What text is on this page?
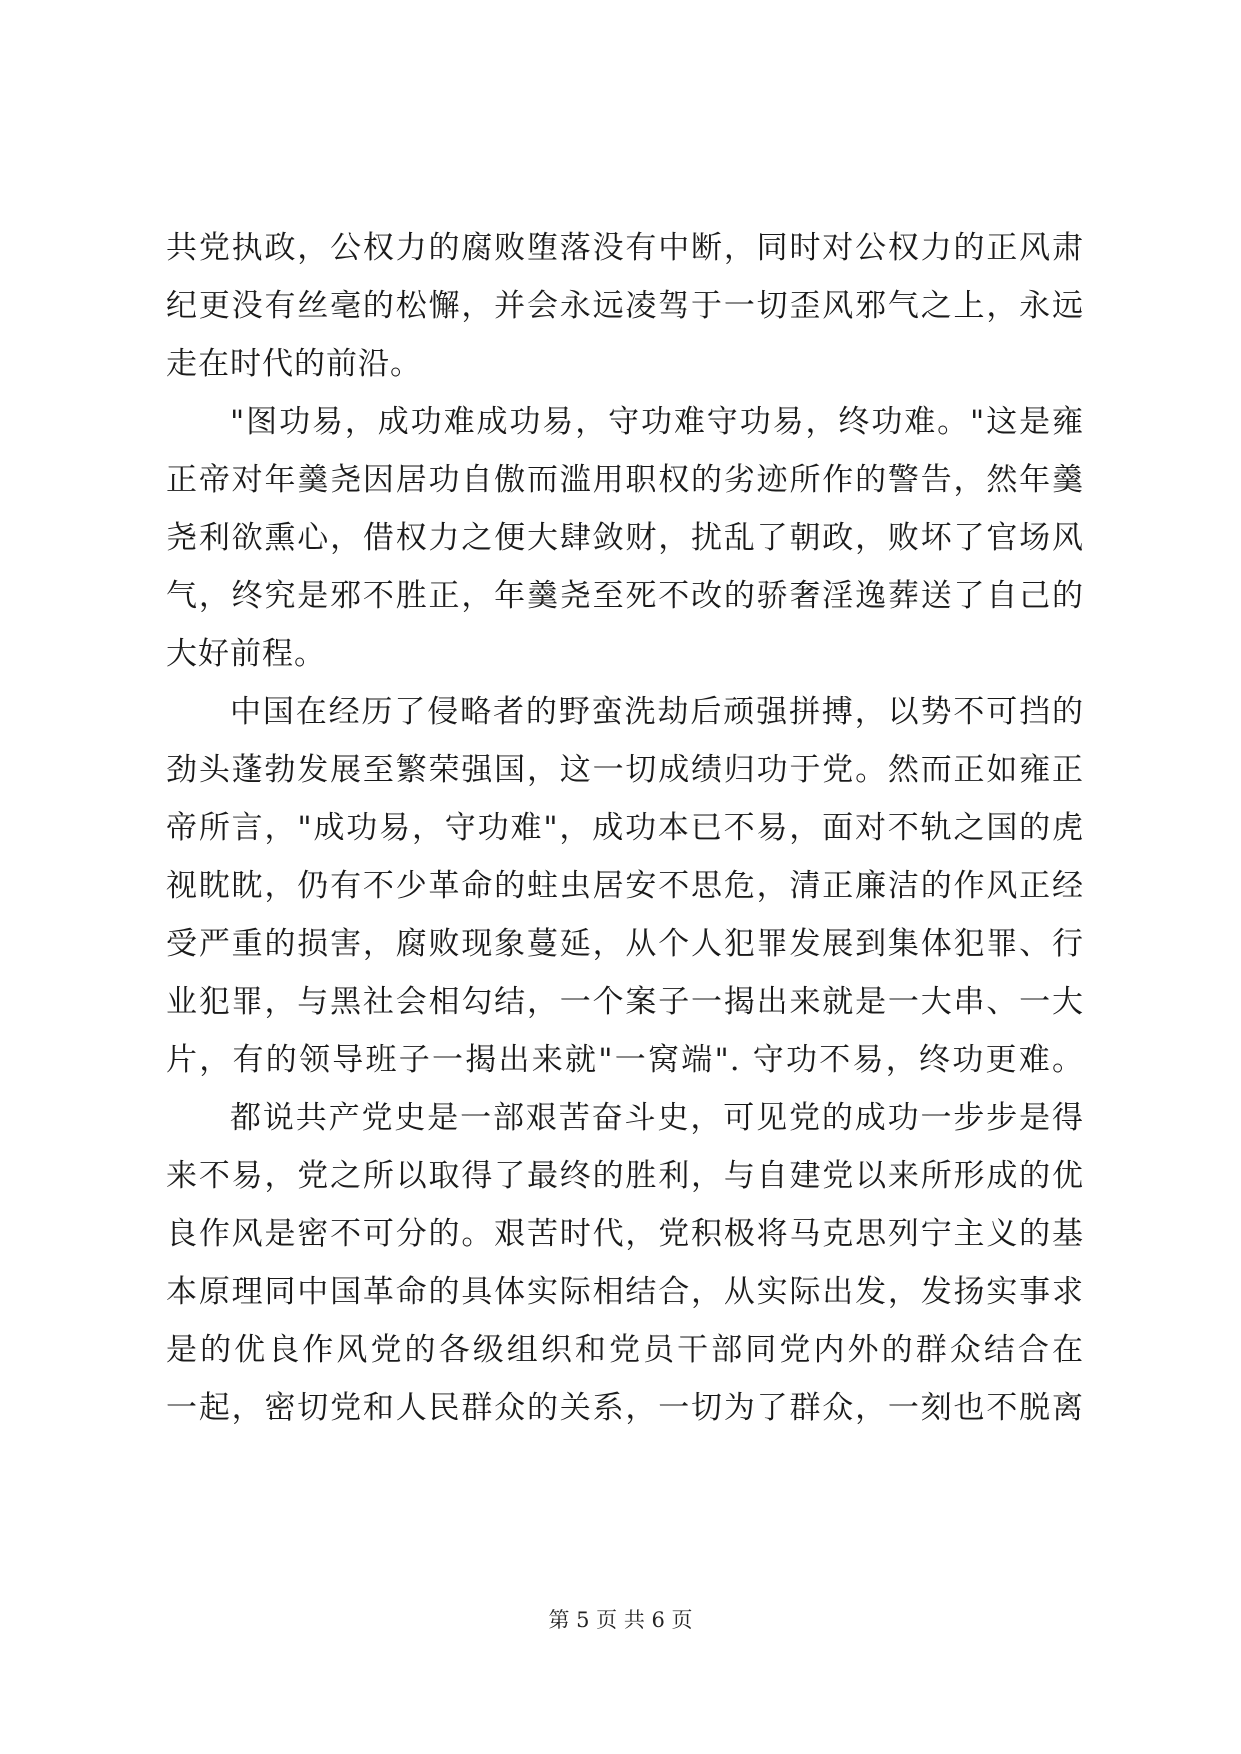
共党执政，公权力的腐败堕落没有中断，同时对公权力的正风肃
纪更没有丝毫的松懈，并会永远凌驾于一切歪风邪气之上，永远
走在时代的前沿。
"图功易，成功难成功易，守功难守功易，终功难。"这是雍
正帝对年羹尧因居功自傲而滥用职权的劣迹所作的警告，然年羹
尧利欲熏心，借权力之便大肆敛财，扰乱了朝政，败坏了官场风
气，终究是邪不胜正，年羹尧至死不改的骄奢淫逸葬送了自己的
大好前程。
中国在经历了侵略者的野蛮洗劫后顽强拼搏，以势不可挡的
劲头蓬勃发展至繁荣强国，这一切成绩归功于党。然而正如雍正
帝所言，"成功易，守功难"，成功本已不易，面对不轨之国的虎
视眈眈，仍有不少革命的蛀虫居安不思危，清正廉洁的作风正经
受严重的损害，腐败现象蔓延，从个人犯罪发展到集体犯罪、行
业犯罪，与黑社会相勾结，一个案子一揭出来就是一大串、一大
片，有的领导班子一揭出来就"一窝端". 守功不易，终功更难。
都说共产党史是一部艰苦奋斗史，可见党的成功一步步是得
来不易，党之所以取得了最终的胜利，与自建党以来所形成的优
良作风是密不可分的。艰苦时代，党积极将马克思列宁主义的基
本原理同中国革命的具体实际相结合，从实际出发，发扬实事求
是的优良作风党的各级组织和党员干部同党内外的群众结合在
一起，密切党和人民群众的关系，一切为了群众，一刻也不脱离
第 5 页 共 6 页
